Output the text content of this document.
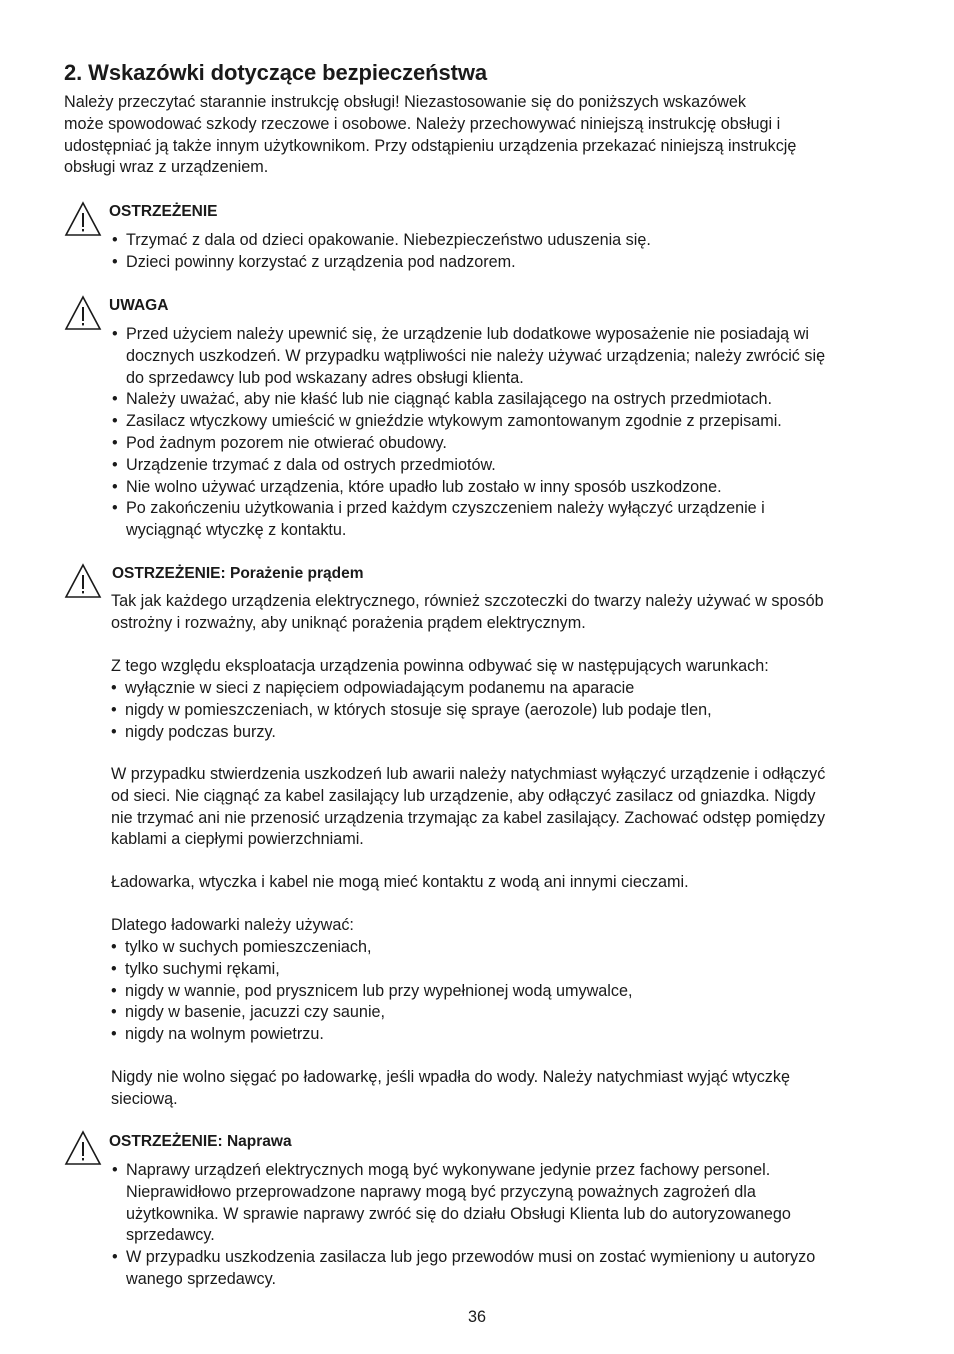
2. Wskazówki dotyczące bezpieczeństwa

Należy przeczytać starannie instrukcję obsługi! Niezastosowanie się do poniższych wskazówek
może spowodować szkody rzeczowe i osobowe. Należy przechowywać niniejszą instrukcję obsługi i
udostępniać ją także innym użytkownikom. Przy odstąpieniu urządzenia przekazać niniejszą instrukcję
obsługi wraz z urządzeniem.

OSTRZEŻENIE

• Trzymać z dala od dzieci opakowanie. Niebezpieczeństwo uduszenia się.
• Dzieci powinny korzystać z urządzenia pod nadzorem.

UWAGA

• Przed użyciem należy upewnić się, że urządzenie lub dodatkowe wyposażenie nie posiadają wi
docznych uszkodzeń. W przypadku wątpliwości nie należy używać urządzenia; należy zwrócić się
do sprzedawcy lub pod wskazany adres obsługi klienta.
• Należy uważać, aby nie kłaść lub nie ciągnąć kabla zasilającego na ostrych przedmiotach.
• Zasilacz wtyczkowy umieścić w gnieździe wtykowym zamontowanym zgodnie z przepisami.
• Pod żadnym pozorem nie otwierać obudowy.
• Urządzenie trzymać z dala od ostrych przedmiotów.
• Nie wolno używać urządzenia, które upadło lub zostało w inny sposób uszkodzone.
• Po zakończeniu użytkowania i przed każdym czyszczeniem należy wyłączyć urządzenie i
wyciągnąć wtyczkę z kontaktu.

OSTRZEŻENIE: Porażenie prądem

Tak jak każdego urządzenia elektrycznego, również szczoteczki do twarzy należy używać w sposób
ostrożny i rozważny, aby uniknąć porażenia prądem elektrycznym.

Z tego względu eksploatacja urządzenia powinna odbywać się w następujących warunkach:

• wyłącznie w sieci z napięciem odpowiadającym podanemu na aparacie
• nigdy w pomieszczeniach, w których stosuje się spraye (aerozole) lub podaje tlen,
• nigdy podczas burzy.

W przypadku stwierdzenia uszkodzeń lub awarii należy natychmiast wyłączyć urządzenie i odłączyć
od sieci. Nie ciągnąć za kabel zasilający lub urządzenie, aby odłączyć zasilacz od gniazdka. Nigdy
nie trzymać ani nie przenosić urządzenia trzymając za kabel zasilający. Zachować odstęp pomiędzy
kablami a ciepłymi powierzchniami.

Ładowarka, wtyczka i kabel nie mogą mieć kontaktu z wodą ani innymi cieczami.

Dlatego ładowarki należy używać:

• tylko w suchych pomieszczeniach,
• tylko suchymi rękami,
• nigdy w wannie, pod prysznicem lub przy wypełnionej wodą umywalce,
• nigdy w basenie, jacuzzi czy saunie,
• nigdy na wolnym powietrzu.

Nigdy nie wolno sięgać po ładowarkę, jeśli wpadła do wody. Należy natychmiast wyjąć wtyczkę
sieciową.

OSTRZEŻENIE: Naprawa

• Naprawy urządzeń elektrycznych mogą być wykonywane jedynie przez fachowy personel.
Nieprawidłowo przeprowadzone naprawy mogą być przyczyną poważnych zagrożeń dla
użytkownika. W sprawie naprawy zwróć się do działu Obsługi Klienta lub do autoryzowanego
sprzedawcy.
• W przypadku uszkodzenia zasilacza lub jego przewodów musi on zostać wymieniony u autoryzo
wanego sprzedawcy.

36
